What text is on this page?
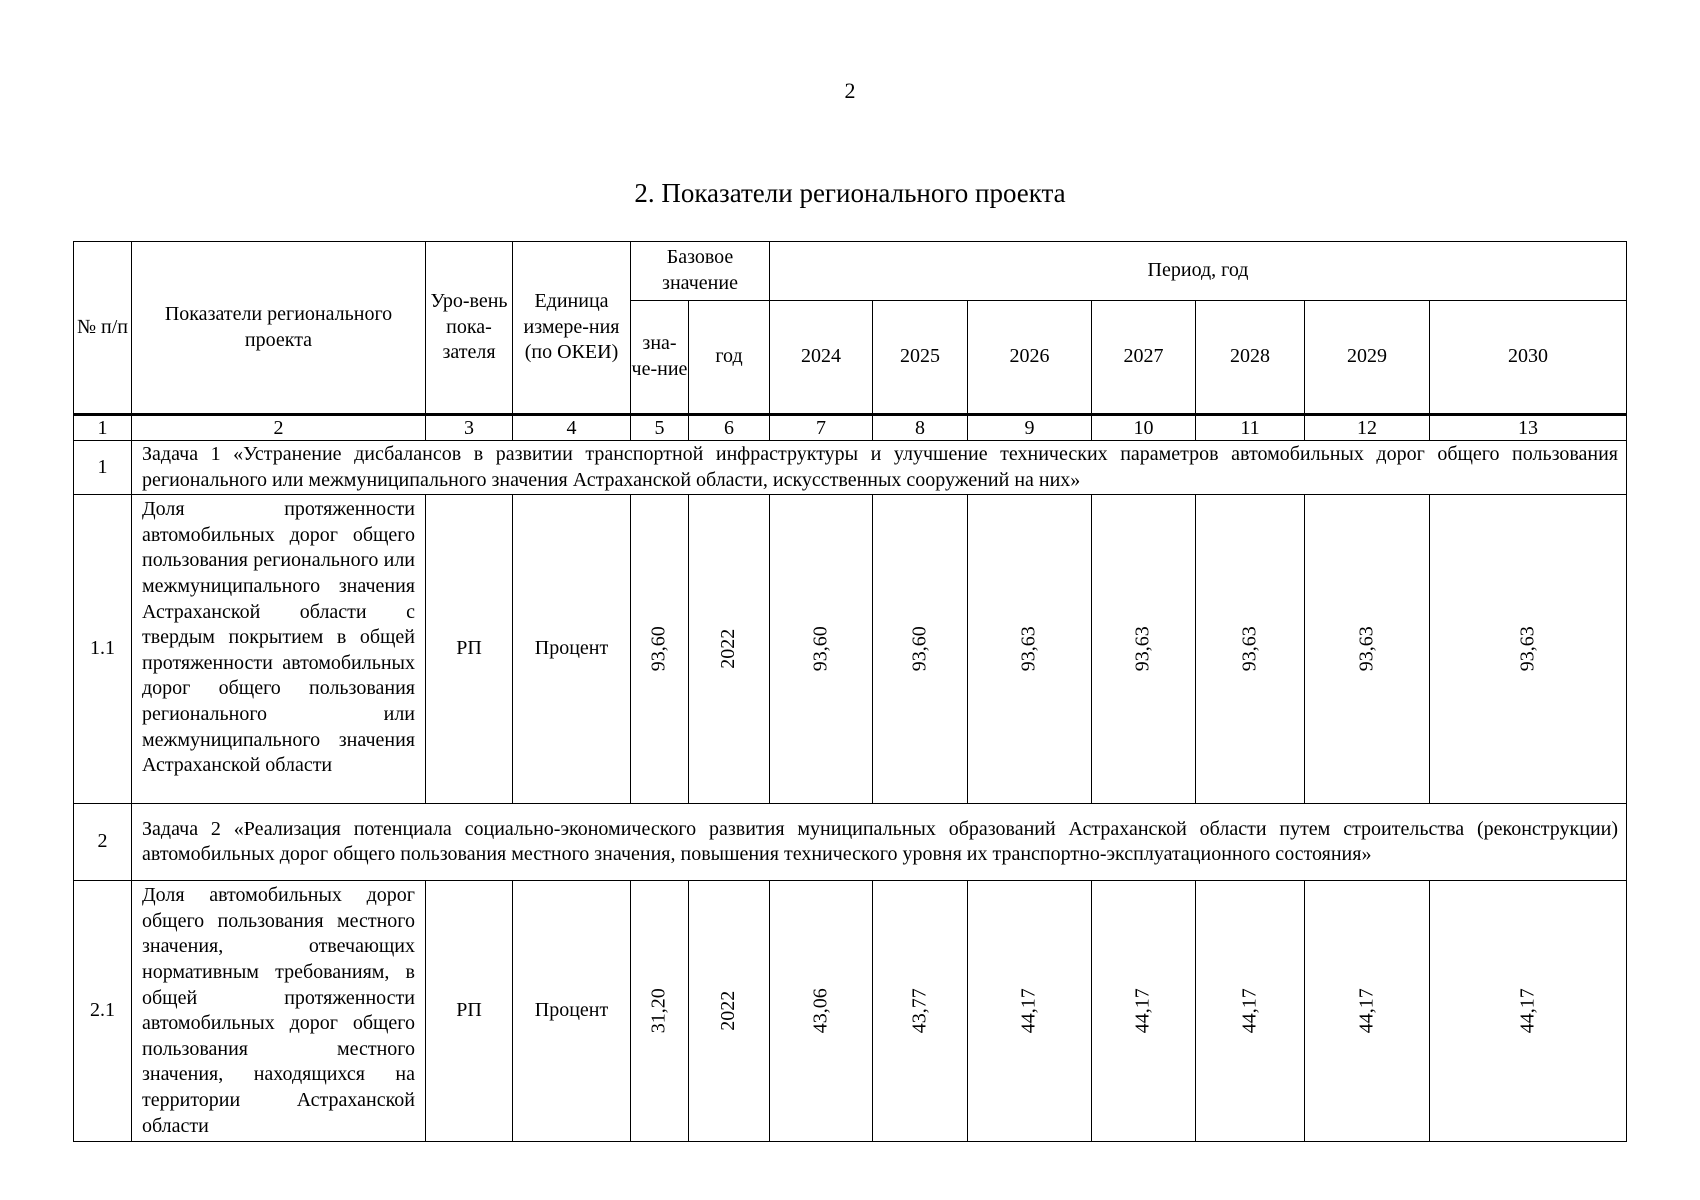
2
2. Показатели регионального проекта
№ п/п	Показатели регионального проекта	Уро-вень пока-зателя	Единица измере-ния (по ОКЕИ)	Базовое значение		Период, год						
				зна-че-ние	год	2024	2025	2026	2027	2028	2029	2030
1	2	3	4	5	6	7	8	9	10	11	12	13
1	Задача 1 «Устранение дисбалансов в развитии транспортной инфраструктуры и улучшение технических параметров автомобильных дорог общего пользования регионального или межмуниципального значения Астраханской области, искусственных сооружений на них»											

1.1	Доля протяженности автомобильных дорог общего пользования регионального или межмуниципального значения Астраханской области с твердым покрытием в общей протяженности автомобильных дорог общего пользования регионального или межмуниципального значения Астраханской области	РП	Процент	93,60	2022	93,60	93,60	93,63	93,63	93,63	93,63	93,63
2	Задача 2 «Реализация потенциала социально-экономического развития муниципальных образований Астраханской области путем строительства (реконструкции) автомобильных дорог общего пользования местного значения, повышения технического уровня их транспортно-эксплуатационного состояния»											

2.1	Доля автомобильных дорог общего пользования местного значения, отвечающих нормативным требованиям, в общей протяженности автомобильных дорог общего пользования местного значения, находящихся на территории Астраханской области	РП	Процент	31,20	2022	43,06	43,77	44,17	44,17	44,17	44,17	44,17
